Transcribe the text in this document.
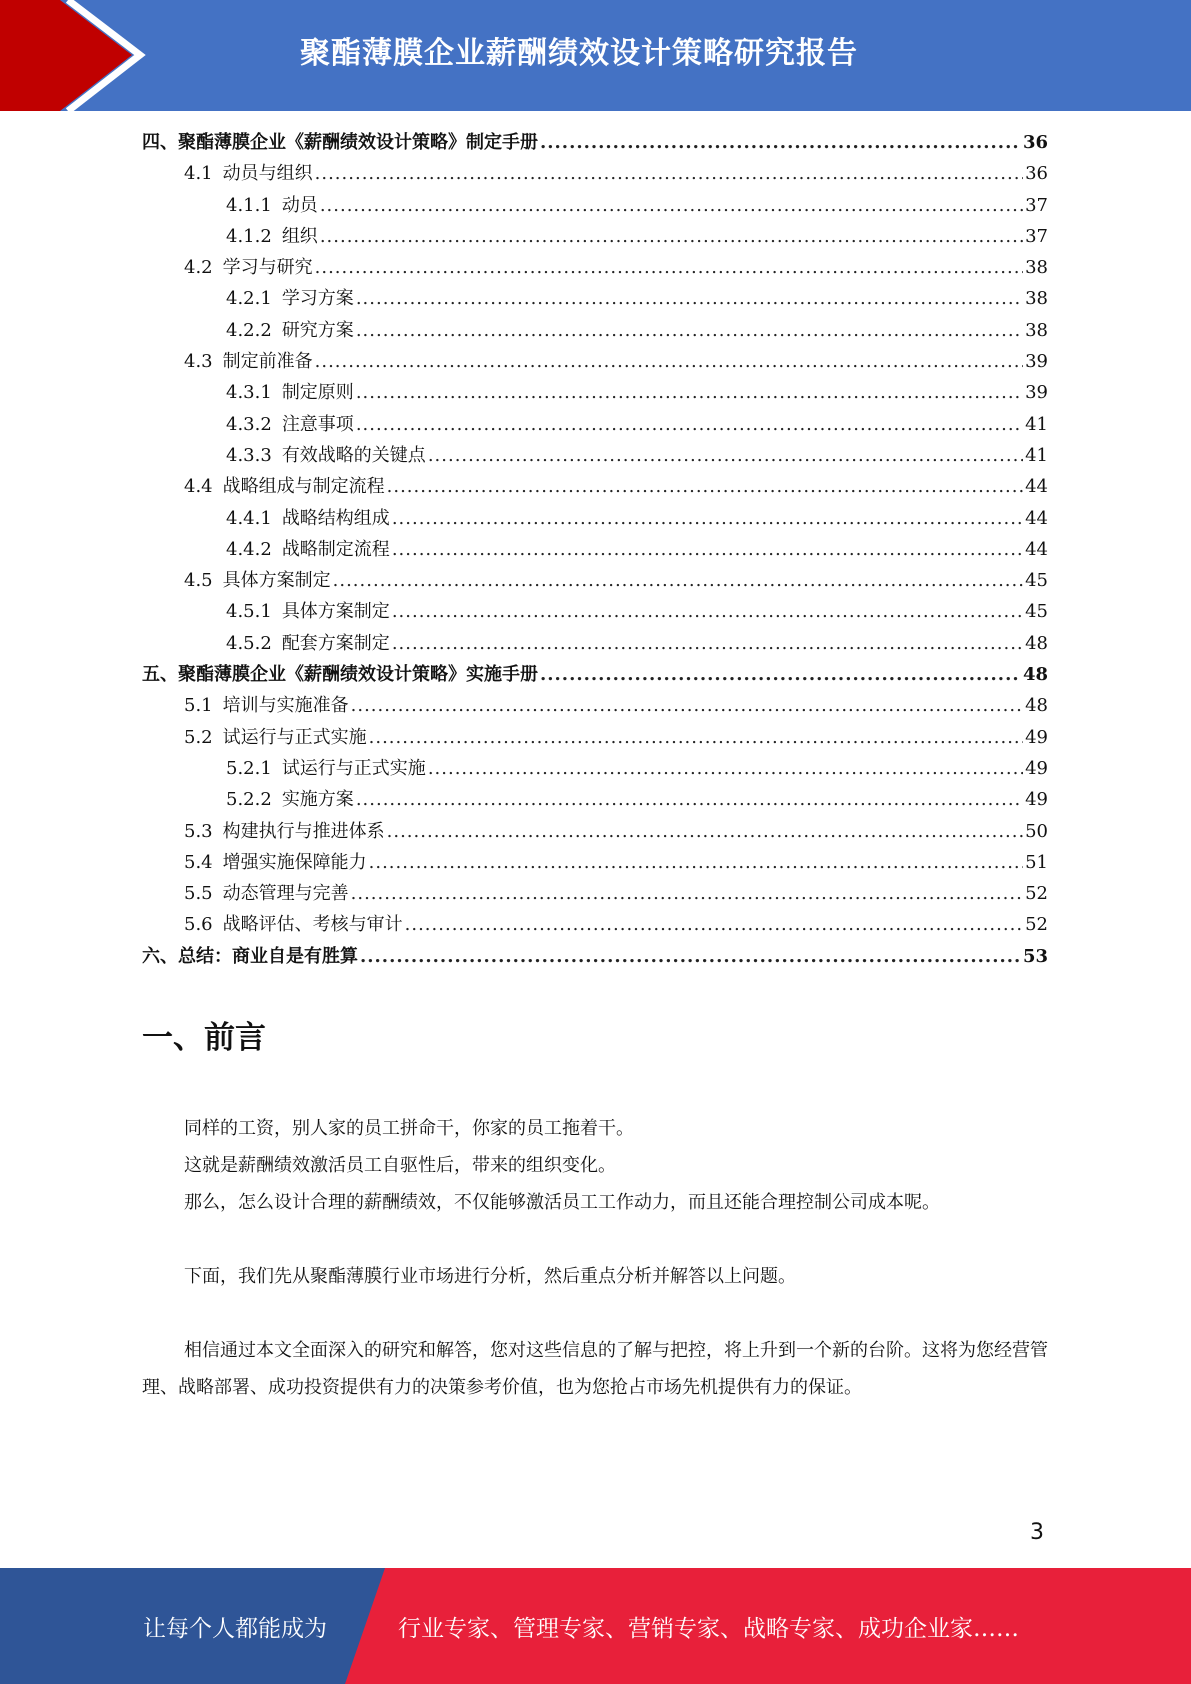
聚酯薄膜企业薪酬绩效设计策略研究报告
四、 聚酯薄膜企业《薪酬绩效设计策略》制定手册 .....	36
4.1 动员与组织 .....	36
4.1.1 动员 .....	37
4.1.2 组织 .....	37
4.2 学习与研究 .....	38
4.2.1 学习方案 .....	38
4.2.2 研究方案 .....	38
4.3 制定前准备 .....	39
4.3.1 制定原则 .....	39
4.3.2 注意事项 .....	41
4.3.3 有效战略的关键点 .....	41
4.4 战略组成与制定流程 .....	44
4.4.1 战略结构组成 .....	44
4.4.2 战略制定流程 .....	44
4.5 具体方案制定 .....	45
4.5.1 具体方案制定 .....	45
4.5.2 配套方案制定 .....	48
五、 聚酯薄膜企业《薪酬绩效设计策略》实施手册 .....	48
5.1 培训与实施准备 .....	48
5.2 试运行与正式实施 .....	49
5.2.1 试运行与正式实施 .....	49
5.2.2 实施方案 .....	49
5.3 构建执行与推进体系 .....	50
5.4 增强实施保障能力 .....	51
5.5 动态管理与完善 .....	52
5.6 战略评估、考核与审计 .....	52
六、 总结：商业自是有胜算 .....	53
一、前言

同样的工资，别人家的员工拼命干，你家的员工拖着干。

这就是薪酬绩效激活员工自驱性后，带来的组织变化。

那么，怎么设计合理的薪酬绩效，不仅能够激活员工工作动力，而且还能合理控制公司成本呢。

下面，我们先从聚酯薄膜行业市场进行分析，然后重点分析并解答以上问题。

相信通过本文全面深入的研究和解答，您对这些信息的了解与把控，将上升到一个新的台阶。这将为您经营管理、战略部署、成功投资提供有力的决策参考价值，也为您抢占市场先机提供有力的保证。

3
让每个人都能成为	行业专家、管理专家、营销专家、战略专家、成功企业家……
